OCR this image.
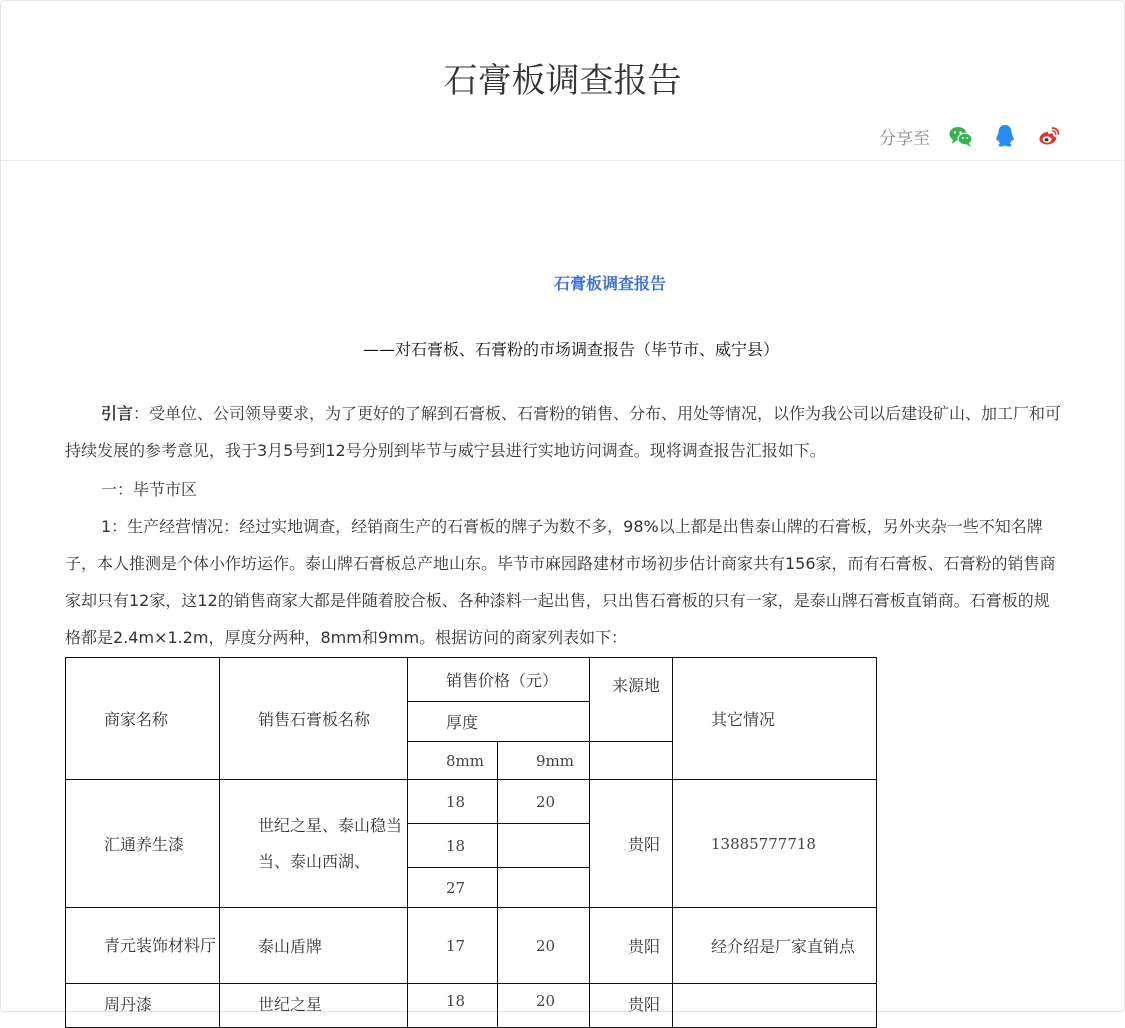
石膏板调查报告
分享至
石膏板调查报告
——对石膏板、石膏粉的市场调查报告（毕节市、威宁县）

引言：受单位、公司领导要求，为了更好的了解到石膏板、石膏粉的销售、分布、用处等情况，以作为我公司以后建设矿山、加工厂和可持续发展的参考意见，我于3月5号到12号分别到毕节与威宁县进行实地访问调查。现将调查报告汇报如下。

一：毕节市区

1：生产经营情况：经过实地调查，经销商生产的石膏板的牌子为数不多，98%以上都是出售泰山牌的石膏板，另外夹杂一些不知名牌子，本人推测是个体小作坊运作。泰山牌石膏板总产地山东。毕节市麻园路建材市场初步估计商家共有156家，而有石膏板、石膏粉的销售商家却只有12家，这12的销售商家大都是伴随着胶合板、各种漆料一起出售，只出售石膏板的只有一家，是泰山牌石膏板直销商。石膏板的规格都是2.4m×1.2m，厚度分两种，8mm和9mm。根据访问的商家列表如下：

商家名称	销售石膏板名称	销售价格（元）		来源地	其它情况
		厚度			
		8mm	9mm		
汇通养生漆	世纪之星、泰山稳当当、泰山西湖、	18	20	贵阳	13885777718
		18			
		27			
青元装饰材料厅	泰山盾牌	17	20	贵阳	经介绍是厂家直销点
周丹漆	世纪之星	18	20	贵阳	
